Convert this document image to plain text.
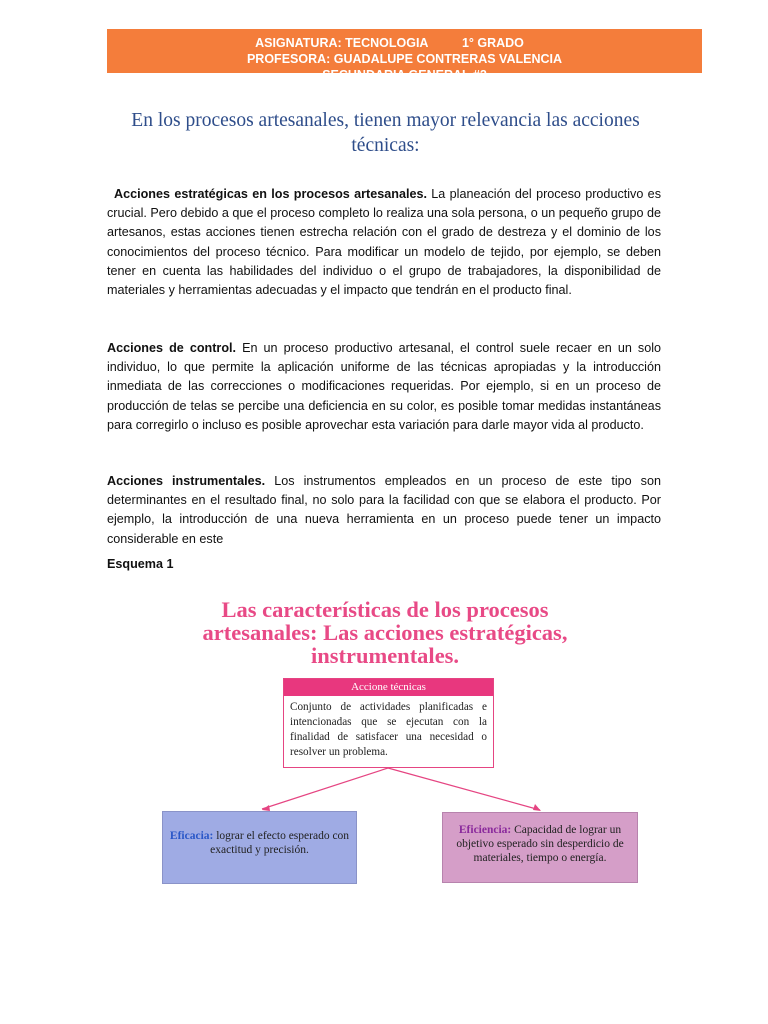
ASIGNATURA: TECNOLOGIA	1° GRADO PROFESORA: GUADALUPE CONTRERAS VALENCIA
SECUNDARIA GENERAL #2
En los procesos artesanales, tienen mayor relevancia las acciones técnicas:
Acciones estratégicas en los procesos artesanales. La planeación del proceso productivo es crucial. Pero debido a que el proceso completo lo realiza una sola persona, o un pequeño grupo de artesanos, estas acciones tienen estrecha relación con el grado de destreza y el dominio de los conocimientos del proceso técnico. Para modificar un modelo de tejido, por ejemplo, se deben tener en cuenta las habilidades del individuo o el grupo de trabajadores, la disponibilidad de materiales y herramientas adecuadas y el impacto que tendrán en el producto final.
Acciones de control. En un proceso productivo artesanal, el control suele recaer en un solo individuo, lo que permite la aplicación uniforme de las técnicas apropiadas y la introducción inmediata de las correcciones o modificaciones requeridas. Por ejemplo, si en un proceso de producción de telas se percibe una deficiencia en su color, es posible tomar medidas instantáneas para corregirlo o incluso es posible aprovechar esta variación para darle mayor vida al producto.
Acciones instrumentales. Los instrumentos empleados en un proceso de este tipo son determinantes en el resultado final, no solo para la facilidad con que se elabora el producto. Por ejemplo, la introducción de una nueva herramienta en un proceso puede tener un impacto considerable en este
Esquema 1
Las características de los procesos
artesanales: Las acciones estratégicas,
instrumentales.
Accione técnicas
Conjunto de actividades planificadas e intencionadas que se ejecutan con la finalidad de satisfacer una necesidad o resolver un problema.
Eficacia: lograr el efecto esperado con exactitud y precisión.
Eficiencia: Capacidad de lograr un objetivo esperado sin desperdicio de materiales, tiempo o energía.
